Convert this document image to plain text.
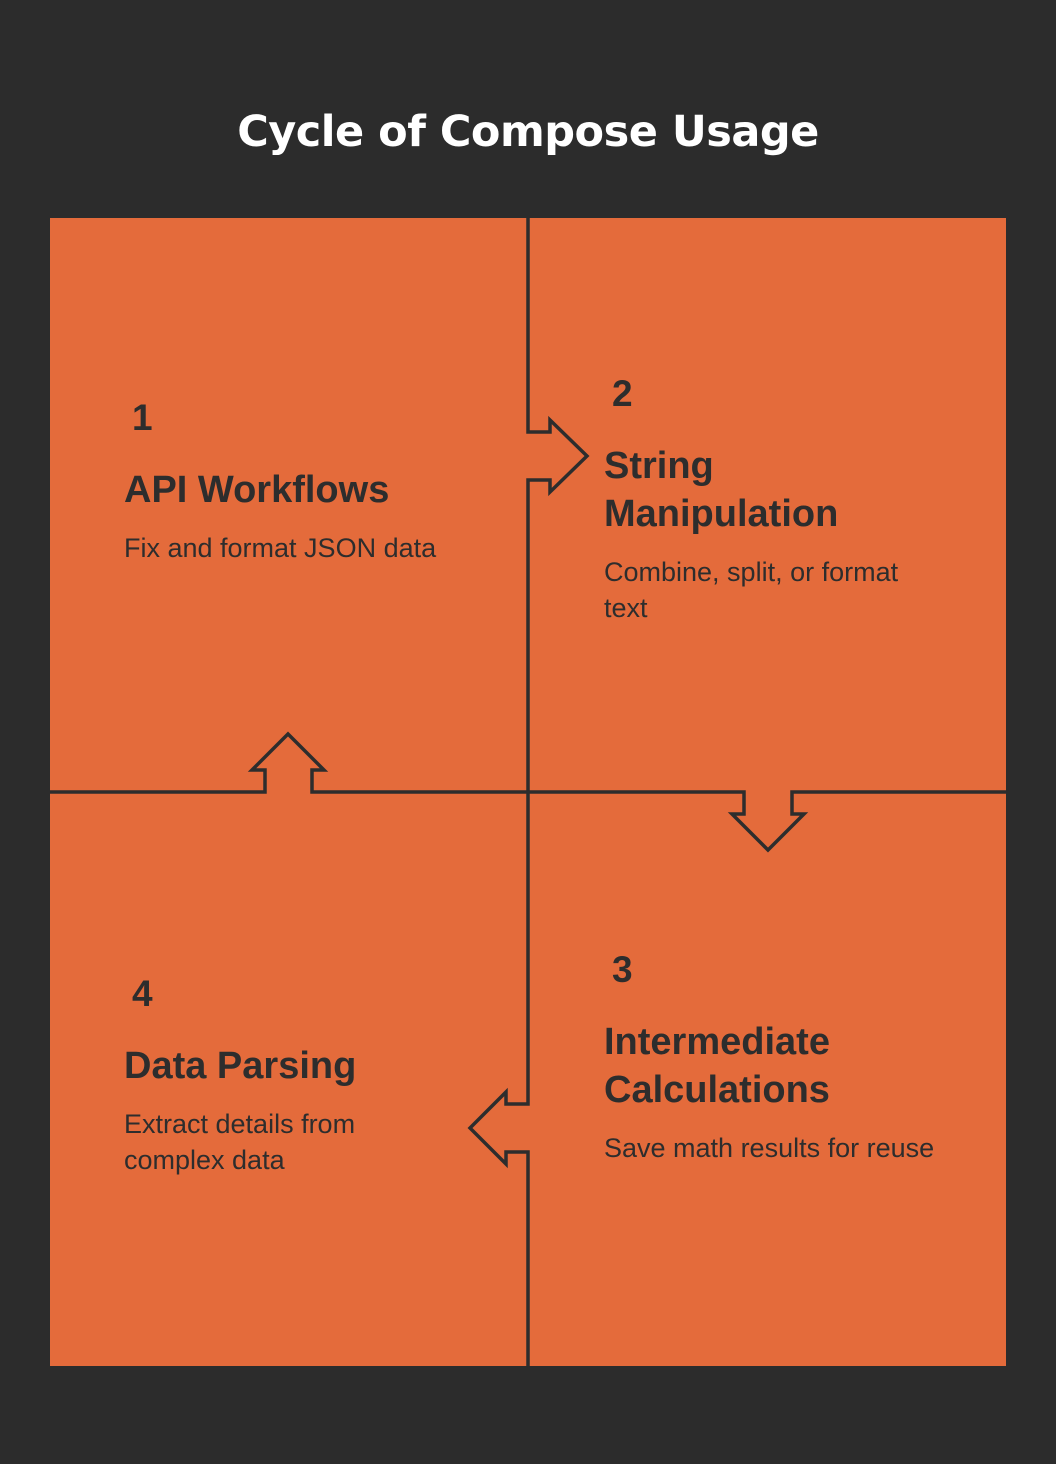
Cycle of Compose Usage

1

API Workflows

Fix and format JSON data

2

String Manipulation

Combine, split, or format text

3

Intermediate Calculations

Save math results for reuse

4

Data Parsing

Extract details from complex data
